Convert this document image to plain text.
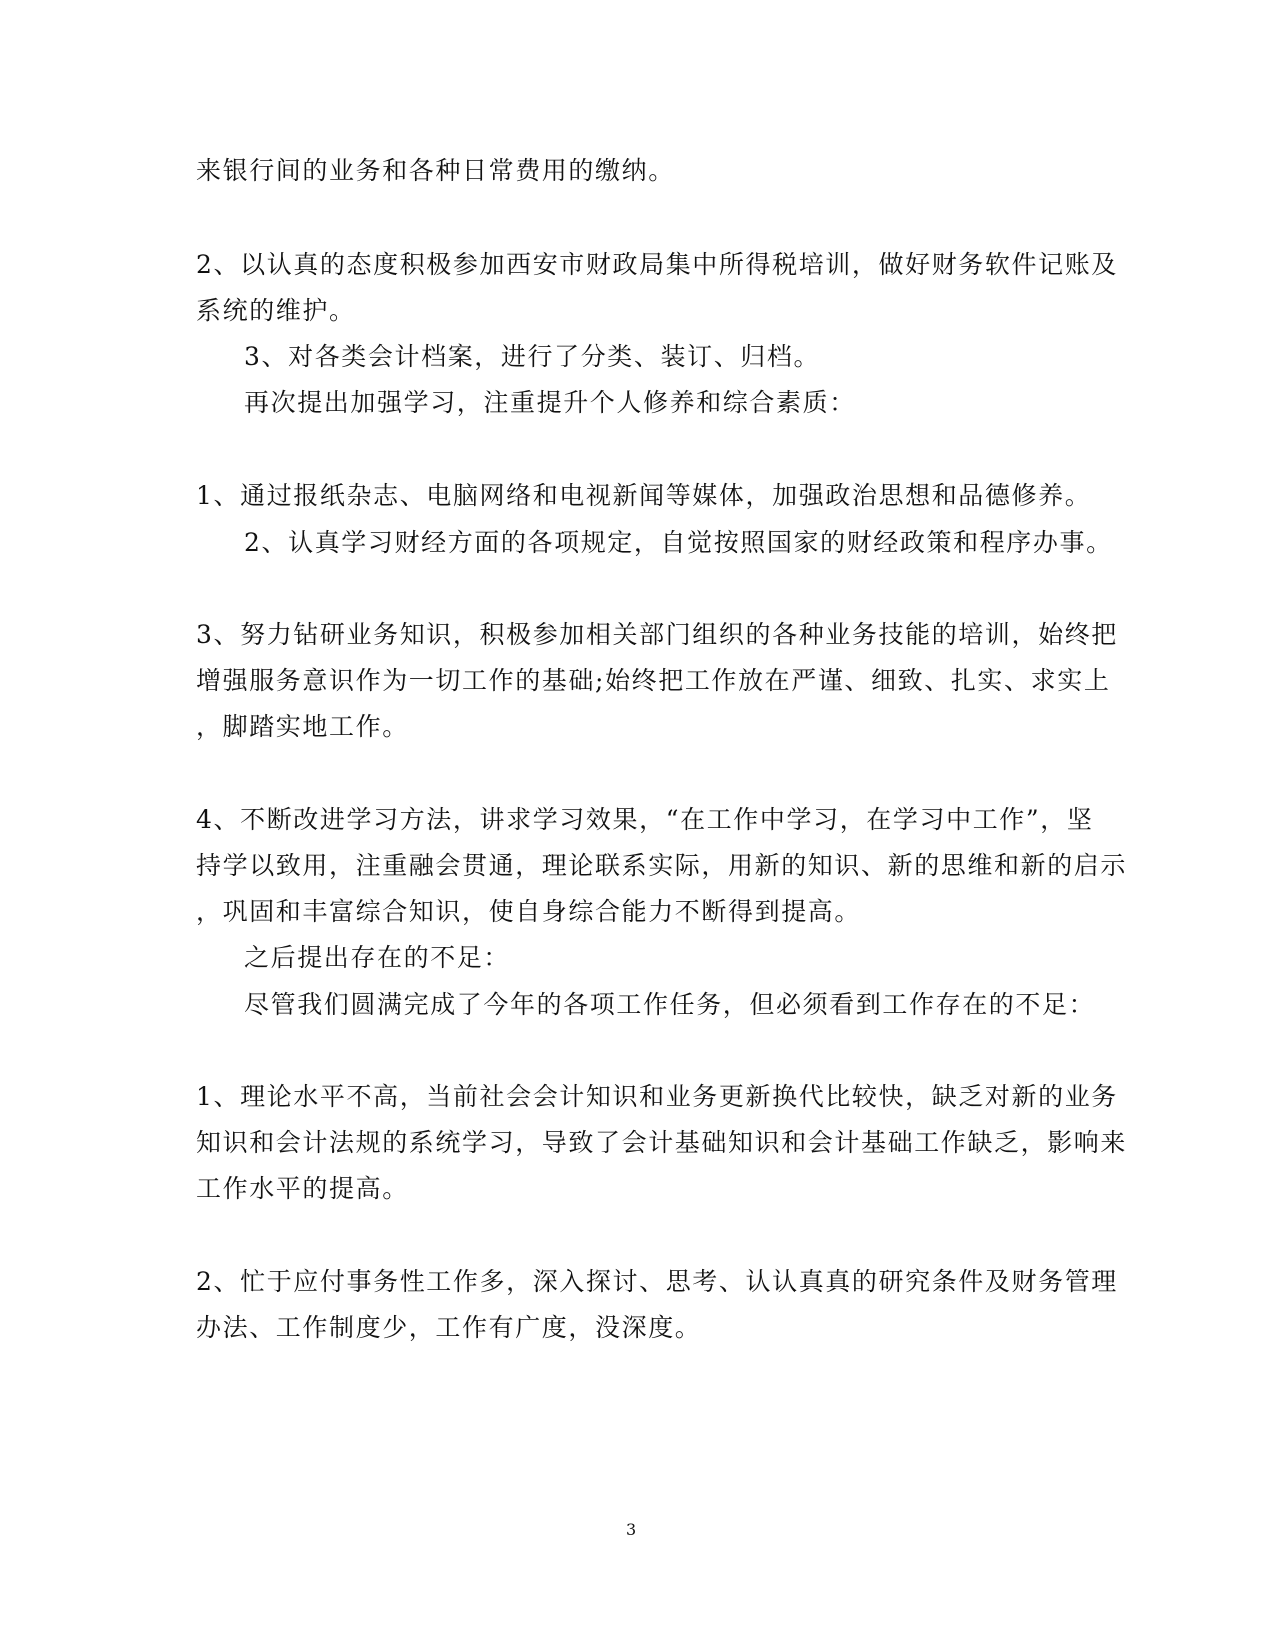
来银行间的业务和各种日常费用的缴纳。
2、以认真的态度积极参加西安市财政局集中所得税培训，做好财务软件记账及
系统的维护。
3、对各类会计档案，进行了分类、装订、归档。
再次提出加强学习，注重提升个人修养和综合素质：
1、通过报纸杂志、电脑网络和电视新闻等媒体，加强政治思想和品德修养。
2、认真学习财经方面的各项规定，自觉按照国家的财经政策和程序办事。
3、努力钻研业务知识，积极参加相关部门组织的各种业务技能的培训，始终把
增强服务意识作为一切工作的基础;始终把工作放在严谨、细致、扎实、求实上
，脚踏实地工作。
4、不断改进学习方法，讲求学习效果，“在工作中学习，在学习中工作”，坚
持学以致用，注重融会贯通，理论联系实际，用新的知识、新的思维和新的启示
，巩固和丰富综合知识，使自身综合能力不断得到提高。
之后提出存在的不足：
尽管我们圆满完成了今年的各项工作任务，但必须看到工作存在的不足：
1、理论水平不高，当前社会会计知识和业务更新换代比较快，缺乏对新的业务
知识和会计法规的系统学习，导致了会计基础知识和会计基础工作缺乏，影响来
工作水平的提高。
2、忙于应付事务性工作多，深入探讨、思考、认认真真的研究条件及财务管理
办法、工作制度少，工作有广度，没深度。
3
